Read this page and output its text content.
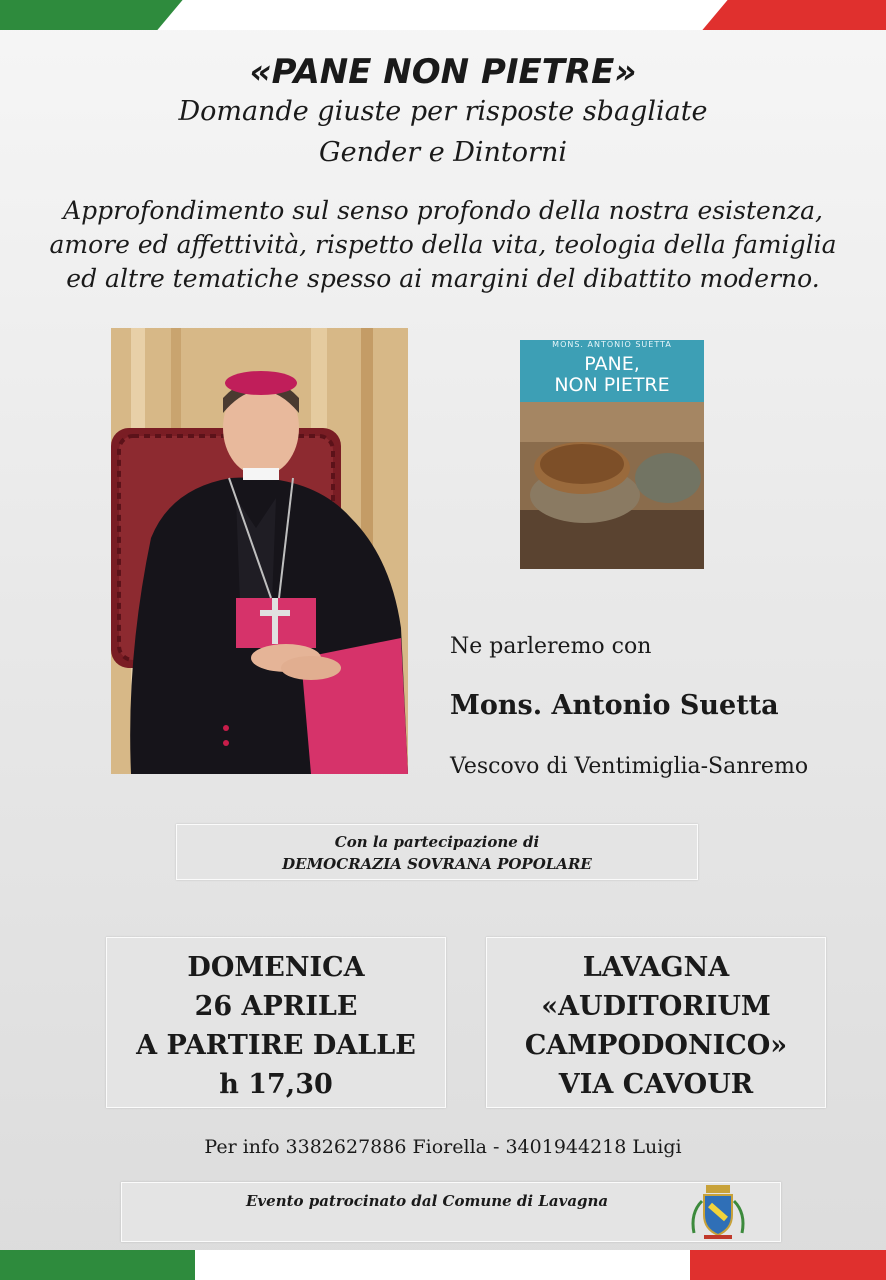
«PANE NON PIETRE»
Domande giuste per risposte sbagliate
Gender e Dintorni
Approfondimento sul senso profondo della nostra esistenza,
amore ed affettività, rispetto della vita, teologia della famiglia
ed altre tematiche spesso ai margini del dibattito moderno.
MONS. ANTONIO SUETTA
PANE,
NON PIETRE
Ne parleremo con
Mons. Antonio Suetta
Vescovo di Ventimiglia-Sanremo
Con la partecipazione di
DEMOCRAZIA SOVRANA POPOLARE
DOMENICA
26 APRILE
A PARTIRE DALLE
h 17,30
LAVAGNA
«AUDITORIUM
CAMPODONICO»
VIA CAVOUR
Per info 3382627886 Fiorella - 3401944218 Luigi
Evento patrocinato dal Comune di Lavagna
